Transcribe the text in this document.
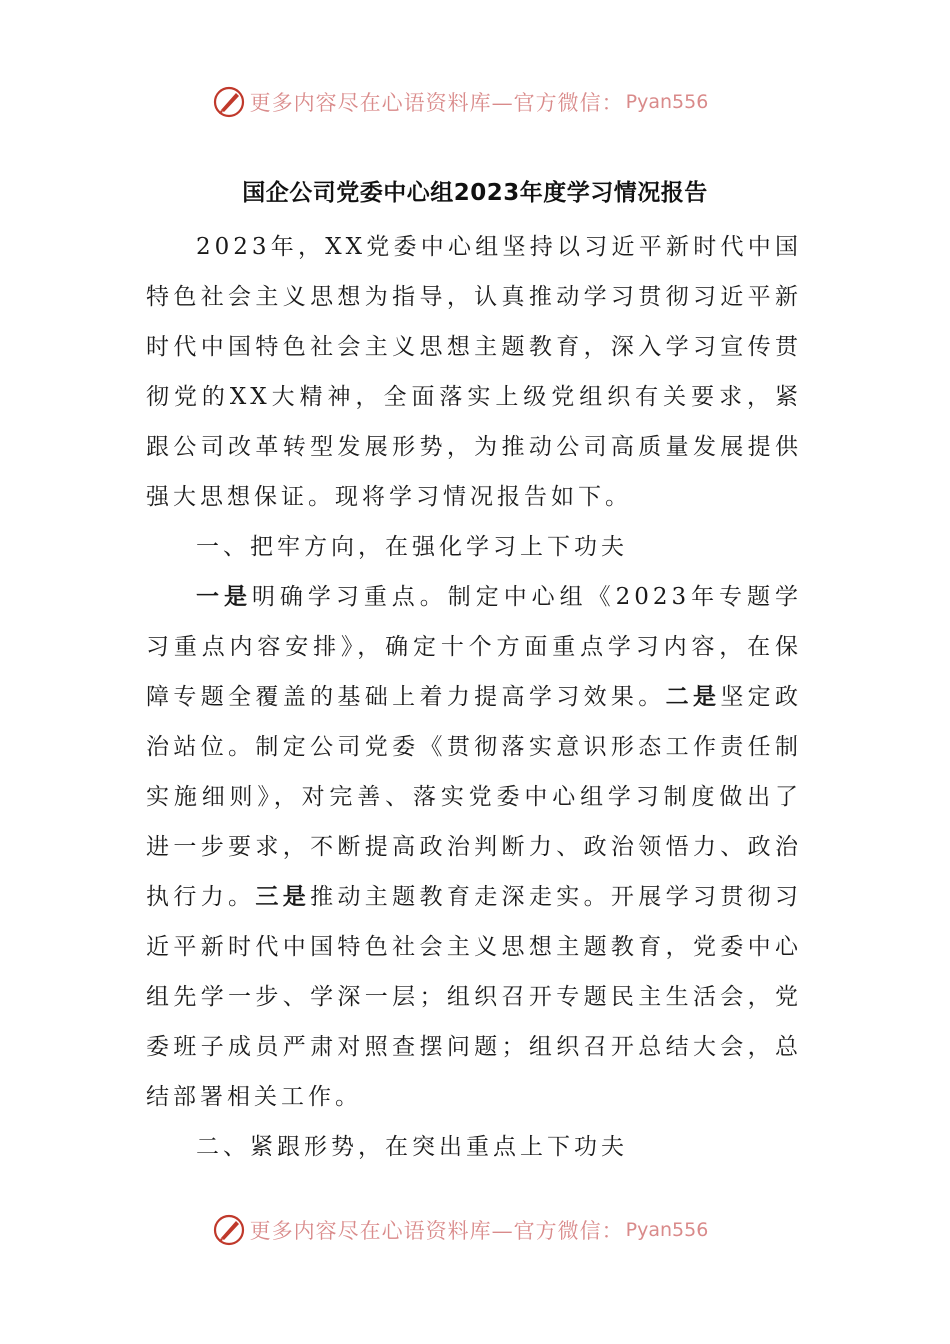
更多内容尽在心语资料库—官方微信： Pyan556
国企公司党委中心组2023年度学习情况报告

2023年，XX党委中心组坚持以习近平新时代中国特色社会主义思想为指导，认真推动学习贯彻习近平新时代中国特色社会主义思想主题教育，深入学习宣传贯彻党的XX大精神，全面落实上级党组织有关要求，紧跟公司改革转型发展形势，为推动公司高质量发展提供强大思想保证。现将学习情况报告如下。

一、把牢方向，在强化学习上下功夫

一是明确学习重点。制定中心组《2023年专题学习重点内容安排》，确定十个方面重点学习内容，在保障专题全覆盖的基础上着力提高学习效果。二是坚定政治站位。制定公司党委《贯彻落实意识形态工作责任制实施细则》，对完善、落实党委中心组学习制度做出了进一步要求，不断提高政治判断力、政治领悟力、政治执行力。三是推动主题教育走深走实。开展学习贯彻习近平新时代中国特色社会主义思想主题教育，党委中心组先学一步、学深一层；组织召开专题民主生活会，党委班子成员严肃对照查摆问题；组织召开总结大会，总结部署相关工作。

二、紧跟形势，在突出重点上下功夫

更多内容尽在心语资料库—官方微信： Pyan556
